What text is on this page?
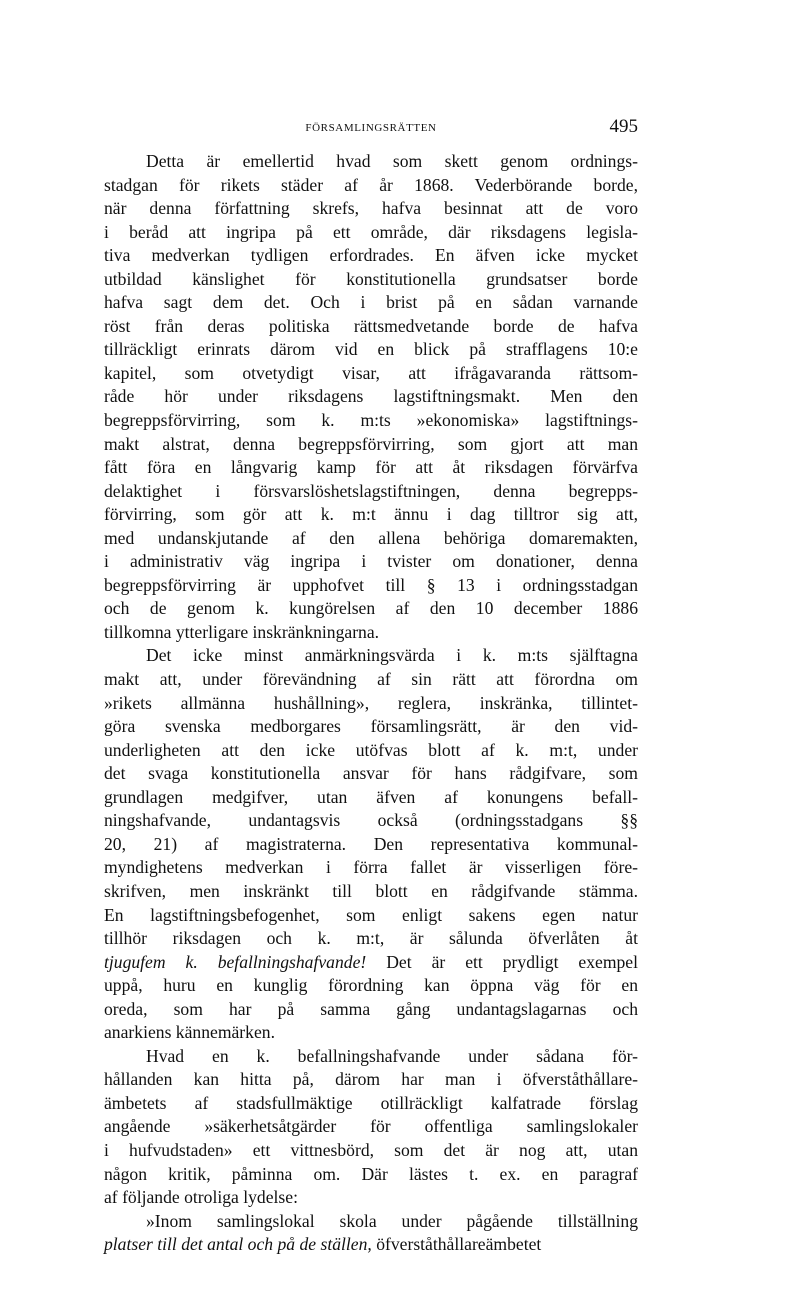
FÖRSAMLINGSRÄTTEN	495
Detta är emellertid hvad som skett genom ordnings-
stadgan för rikets städer af år 1868. Vederbörande borde,
när denna författning skrefs, hafva besinnat att de voro
i beråd att ingripa på ett område, där riksdagens legisla-
tiva medverkan tydligen erfordrades. En äfven icke mycket
utbildad känslighet för konstitutionella grundsatser borde
hafva sagt dem det. Och i brist på en sådan varnande
röst från deras politiska rättsmedvetande borde de hafva
tillräckligt erinrats därom vid en blick på strafflagens 10:e
kapitel, som otvetydigt visar, att ifrågavaranda rättsom-
råde hör under riksdagens lagstiftningsmakt. Men den
begreppsförvirring, som k. m:ts »ekonomiska» lagstiftnings-
makt alstrat, denna begreppsförvirring, som gjort att man
fått föra en långvarig kamp för att åt riksdagen förvärfva
delaktighet i försvarslöshetslagstiftningen, denna begrepps-
förvirring, som gör att k. m:t ännu i dag tilltror sig att,
med undanskjutande af den allena behöriga domaremakten,
i administrativ väg ingripa i tvister om donationer, denna
begreppsförvirring är upphofvet till § 13 i ordningsstadgan
och de genom k. kungörelsen af den 10 december 1886
tillkomna ytterligare inskränkningarna.
Det icke minst anmärkningsvärda i k. m:ts själftagna
makt att, under förevändning af sin rätt att förordna om
»rikets allmänna hushållning», reglera, inskränka, tillintet-
göra svenska medborgares församlingsrätt, är den vid-
underligheten att den icke utöfvas blott af k. m:t, under
det svaga konstitutionella ansvar för hans rådgifvare, som
grundlagen medgifver, utan äfven af konungens befall-
ningshafvande, undantagsvis också (ordningsstadgans §§
20, 21) af magistraterna. Den representativa kommunal-
myndighetens medverkan i förra fallet är visserligen före-
skrifven, men inskränkt till blott en rådgifvande stämma.
En lagstiftningsbefogenhet, som enligt sakens egen natur
tillhör riksdagen och k. m:t, är sålunda öfverlåten åt
tjugufem k. befallningshafvande! Det är ett prydligt exempel
uppå, huru en kunglig förordning kan öppna väg för en
oreda, som har på samma gång undantagslagarnas och
anarkiens kännemärken.
Hvad en k. befallningshafvande under sådana för-
hållanden kan hitta på, därom har man i öfverståthållare-
ämbetets af stadsfullmäktige otillräckligt kalfatrade förslag
angående »säkerhetsåtgärder för offentliga samlingslokaler
i hufvudstaden» ett vittnesbörd, som det är nog att, utan
någon kritik, påminna om. Där lästes t. ex. en paragraf
af följande otroliga lydelse:
»Inom samlingslokal skola under pågående tillställning
platser till det antal och på de ställen, öfverståthållareämbetet
